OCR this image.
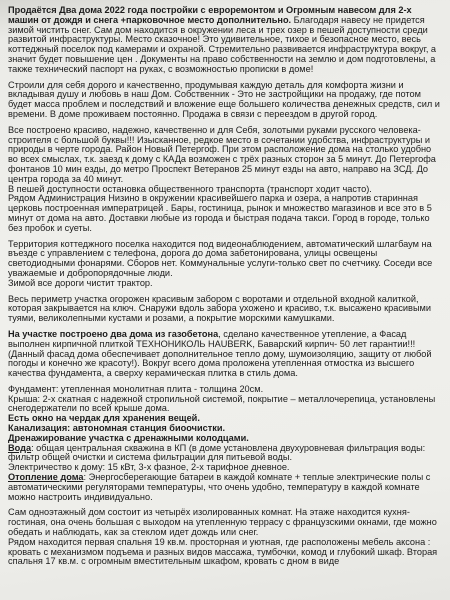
Продаётся Два дома 2022 года постройки с евроремонтом и Огромным навесом для 2-х машин от дождя и снега +парковочное место дополнительно. Благодаря навесу не придется зимой чистить снег. Сам дом находится в окружении леса и трех озер в пешей доступности среди развитой инфраструктуры. Место сказочное! Это удивительное, тихое и безопасное место, весь коттеджный поселок под камерами и охраной. Стремительно развивается инфраструктура вокруг, а значит будет повышение цен . Документы на право собственности на землю и дом подготовлены, а также технический паспорт на руках, с возможностью прописки в доме!

Строили для себя дорого и качественно, продумывая каждую деталь для комфорта жизни и вкладывая душу и любовь в наш Дом. Собственник - Это не застройщики на продажу, где потом будет масса проблем и последствий и вложение еще большего количества денежных средств, сил и времени. В доме проживаем постоянно. Продажа в связи с переездом в другой город.

Все построено красиво, надежно, качественно и для Себя, золотыми руками русского человека-строителя с большой буквы!!! Изысканное, редкое место в сочетании удобства, инфраструктуры и природы в черте города. Район Новый Петергоф. При этом расположение дома на столько удобно во всех смыслах, т.к. заезд к дому с КАДа возможен с трёх разных сторон за 5 минут. До Петергофа фонтанов 10 мин езды, до метро Проспект Ветеранов 25 минут езды на авто, направо на ЗСД. До центра города за 40 минут.
В пешей доступности остановка общественного транспорта (транспорт ходит часто).
Рядом Администрация Низино в окружении красивейшего парка и озера, а напротив старинная церковь построенная императрицей . Бары, гостиница, рынок и множество магазинов и все это в 5 минут от дома на авто. Доставки любые из города и быстрая подача такси. Город в городе, только без пробок и суеты.

Территория коттеджного поселка находится под видеонаблюдением, автоматический шлагбаум на въезде с управлением с телефона, дорога до дома забетонирована, улицы освещены светодиодными фонарями. Сборов нет. Коммунальные услуги-только свет по счетчику. Соседи все уважаемые и добропорядочные люди.
Зимой все дороги чистит трактор.

Весь периметр участка огорожен красивым забором с воротами и отдельной входной калиткой, которая закрывается на ключ. Снаружи вдоль забора ухожено и красиво, т.к. высажено красивыми туями, великолепными кустами и розами, а покрытие морскими камушками.

На участке построено два дома из газобетона, сделано качественное утепление, а Фасад выполнен кирпичной плиткой ТЕХНОНИКОЛЬ HAUBERK, Баварский кирпич- 50 лет гарантии!!! (Данный фасад дома обеспечивает дополнительное тепло дому, шумоизоляцию, защиту от любой погоды и конечно же красоту!). Вокруг всего дома проложена утепленная отмостка из высшего качества фундамента, а сверху керамическая плитка в стиль дома.

Фундамент: утепленная монолитная плита - толщина 20см.
Крыша: 2-х скатная с надежной стропильной системой, покрытие – металлочерепица, установлены снегодержатели по всей крыше дома.
Есть окно на чердак для хранения вещей.
Канализация: автономная станция биоочистки.
Дренажирование участка с дренажными колодцами.
Вода: общая центральная скважина в КП (в доме установлена двухуровневая фильтрация воды: фильтр общей очистки и система фильтрации для питьевой воды.
Электричество к дому: 15 кВт, 3-х фазное, 2-х тарифное дневное.
Отопление дома: Энергосберегающие батареи в каждой комнате + теплые электрические полы с автоматическими регуляторами температуры, что очень удобно, температуру в каждой комнате можно настроить индивидуально.

Сам одноэтажный дом состоит из четырёх изолированных комнат. На этаже находится кухня-гостиная, она очень большая с выходом на утепленную террасу с французскими окнами, где можно обедать и наблюдать, как за стеклом идет дождь или снег.
Рядом находится первая спальня 19 кв.м. просторная и уютная, где расположены мебель аксона : кровать с механизмом подъема и разных видов массажа, тумбочки, комод и глубокий шкаф. Вторая спальня 17 кв.м. с огромным вместительным шкафом, кровать с дном в виде
